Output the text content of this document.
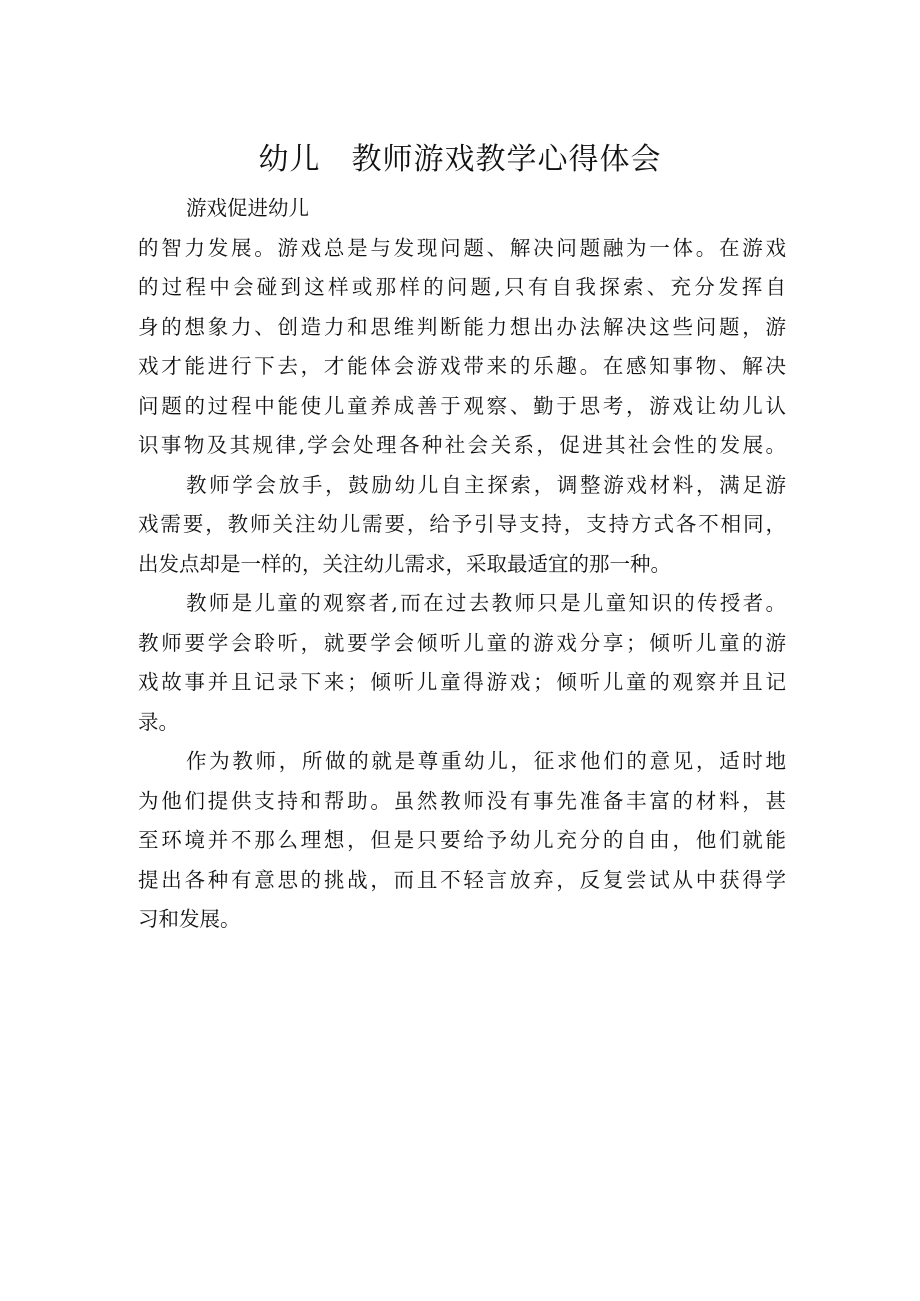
幼儿　教师游戏教学心得体会
游戏促进幼儿
的智力发展。游戏总是与发现问题、解决问题融为一体。在游戏
的过程中会碰到这样或那样的问题,只有自我探索、充分发挥自
身的想象力、创造力和思维判断能力想出办法解决这些问题，游
戏才能进行下去，才能体会游戏带来的乐趣。在感知事物、解决
问题的过程中能使儿童养成善于观察、勤于思考，游戏让幼儿认
识事物及其规律,学会处理各种社会关系，促进其社会性的发展。
教师学会放手，鼓励幼儿自主探索，调整游戏材料，满足游
戏需要，教师关注幼儿需要，给予引导支持，支持方式各不相同，
出发点却是一样的，关注幼儿需求，采取最适宜的那一种。
教师是儿童的观察者,而在过去教师只是儿童知识的传授者。
教师要学会聆听，就要学会倾听儿童的游戏分享；倾听儿童的游
戏故事并且记录下来；倾听儿童得游戏；倾听儿童的观察并且记
录。
作为教师，所做的就是尊重幼儿，征求他们的意见，适时地
为他们提供支持和帮助。虽然教师没有事先准备丰富的材料，甚
至环境并不那么理想，但是只要给予幼儿充分的自由，他们就能
提出各种有意思的挑战，而且不轻言放弃，反复尝试从中获得学
习和发展。
